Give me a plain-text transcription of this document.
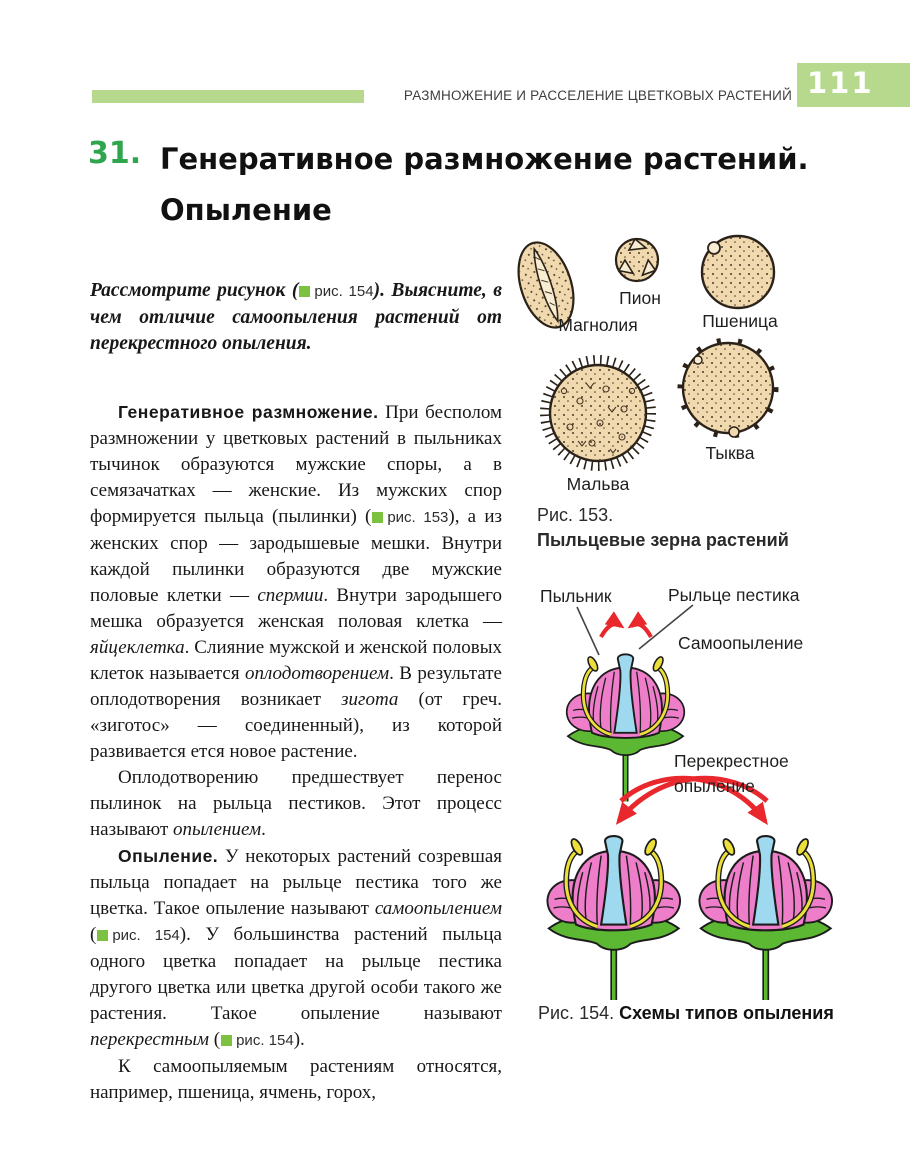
РАЗМНОЖЕНИЕ И РАССЕЛЕНИЕ ЦВЕТКОВЫХ РАСТЕНИЙ 111
31. Генеративное размножение растений.
Опыление

Рассмотрите рисунок ( рис. 154). Выясните, в чем отличие самоопыления растений от перекрестного опыления.

Генеративное размножение. При бесполом размножении у цветковых растений в пыльниках тычинок образуются мужские споры, а в семязачатках — женские. Из мужских спор формируется пыльца (пылинки) ( рис. 153), а из женских спор — зародышевые мешки. Внутри каждой пылинки образуются две мужские половые клетки — спермии. Внутри зародышего мешка образуется женская половая клетка — яйцеклетка. Слияние мужской и женской половых клеток называется оплодотворением. В результате оплодотворения возникает зигота (от греч. «зиготос» — соединенный), из которой развивается ется новое растение.

Оплодотворению предшествует перенос пылинок на рыльца пестиков. Этот процесс называют опылением.

Опыление. У некоторых растений созревшая пыльца попадает на рыльце пестика того же цветка. Такое опыление называют самоопылением ( рис. 154). У большинства растений пыльца одного цветка попадает на рыльце пестика другого цветка или цветка другой особи такого же растения. Такое опыление называют перекрестным ( рис. 154).

К самоопыляемым растениям относятся, например, пшеница, ячмень, горох,

Пион
Магнолия	Пшеница
Мальва
Тыква
Рис. 153.
Пыльцевые зерна растений
Пыльник	Рыльце пестика
Самоопыление
Перекрестное
опыление
Рис. 154. Схемы типов опыления
